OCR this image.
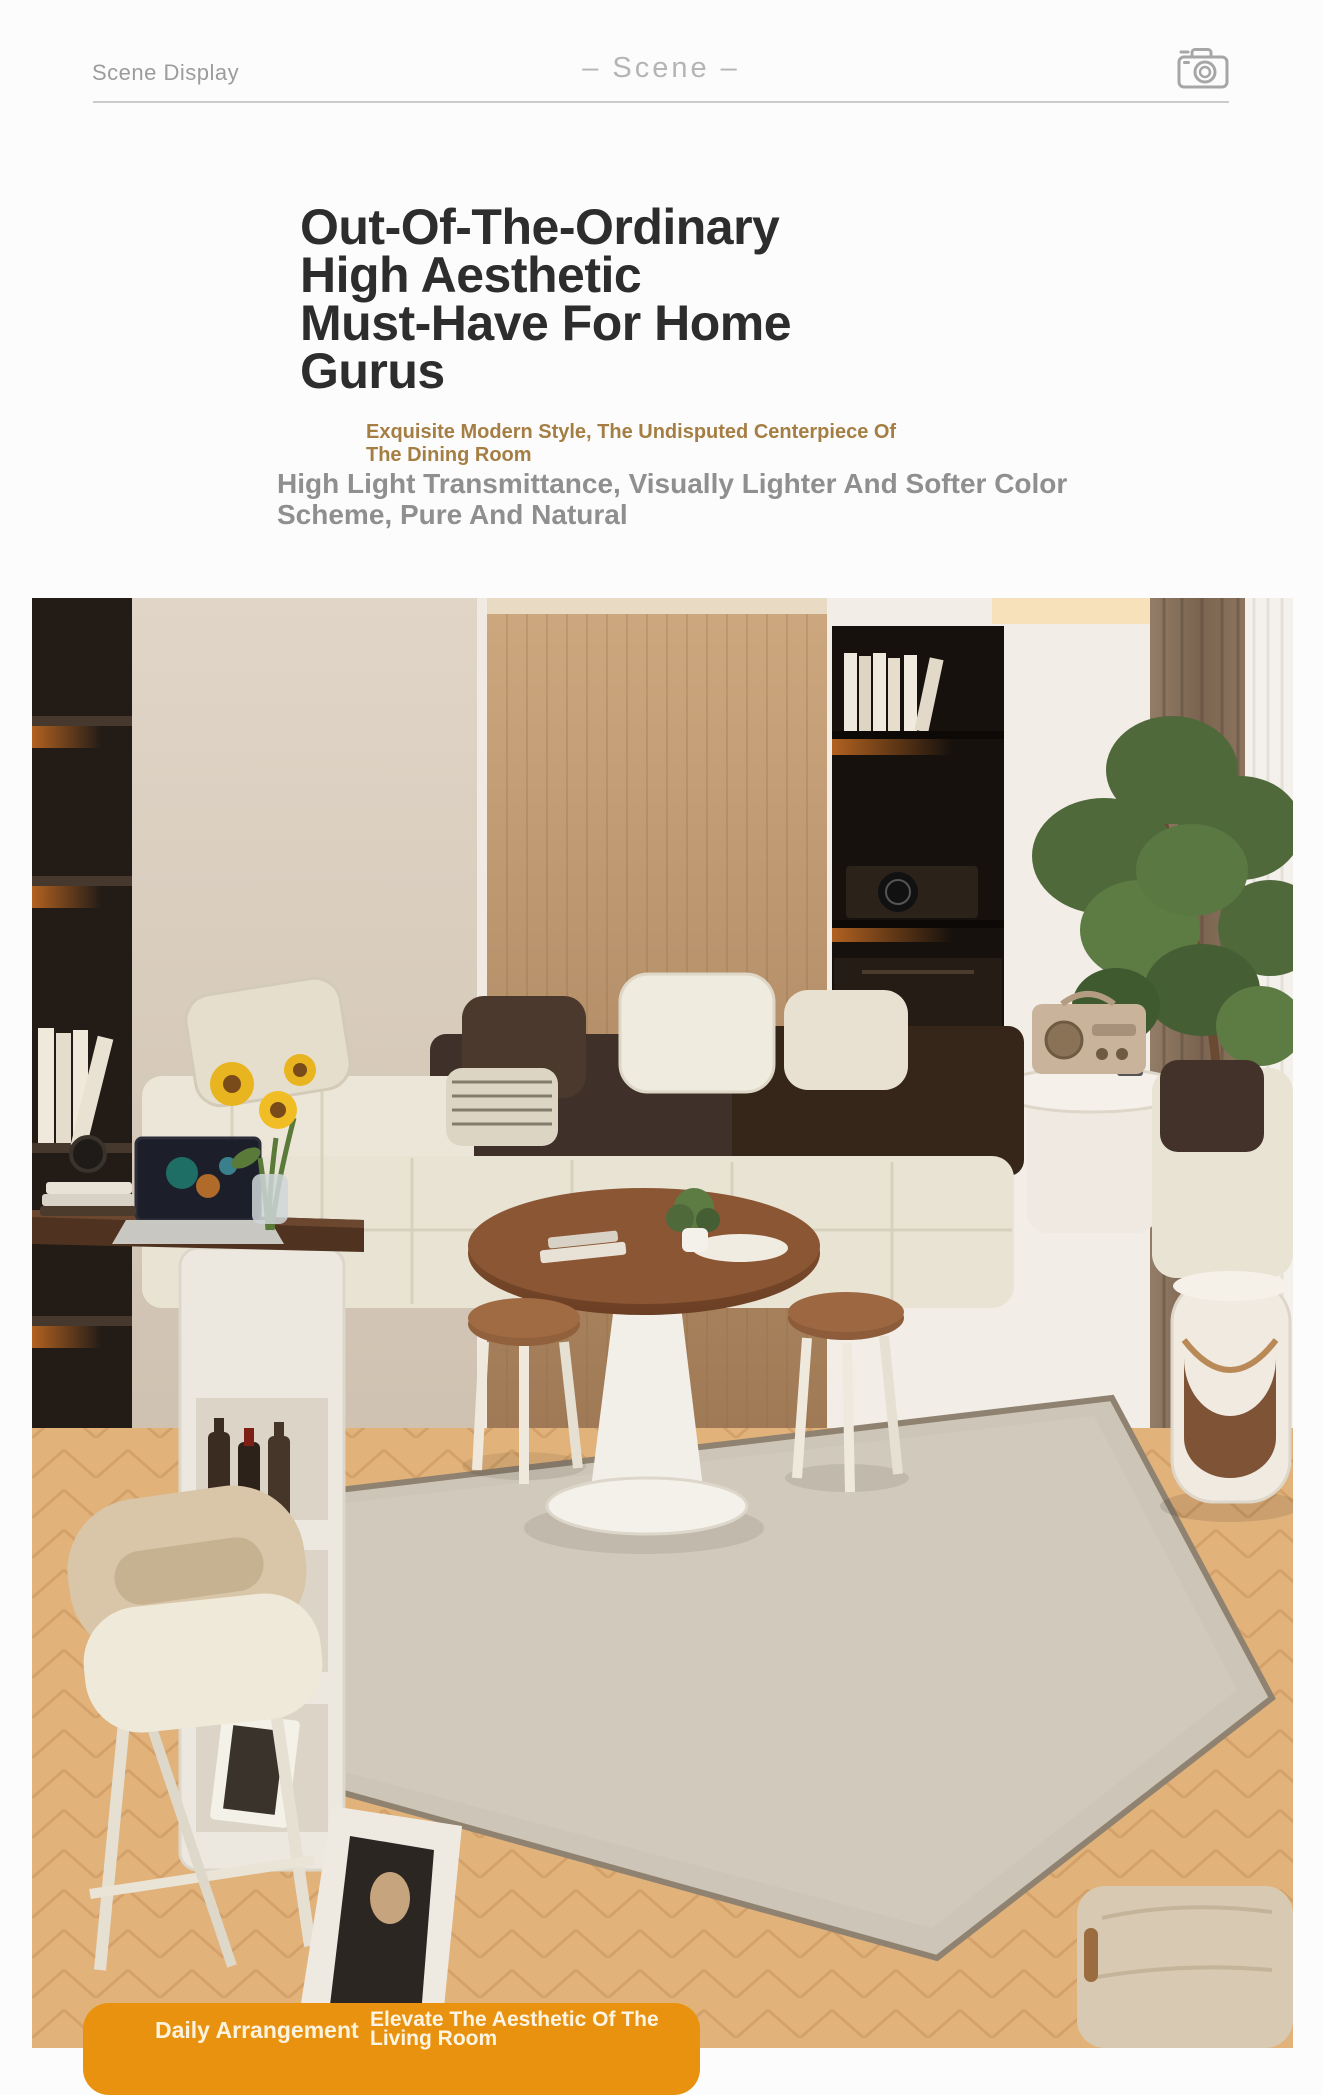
Scene Display	– Scene –
Out-Of-The-Ordinary
High Aesthetic
Must-Have For Home
Gurus
Exquisite Modern Style, The Undisputed Centerpiece Of
The Dining Room
High Light Transmittance, Visually Lighter And Softer Color
Scheme, Pure And Natural
Daily Arrangement Elevate The Aesthetic Of The
Living Room
